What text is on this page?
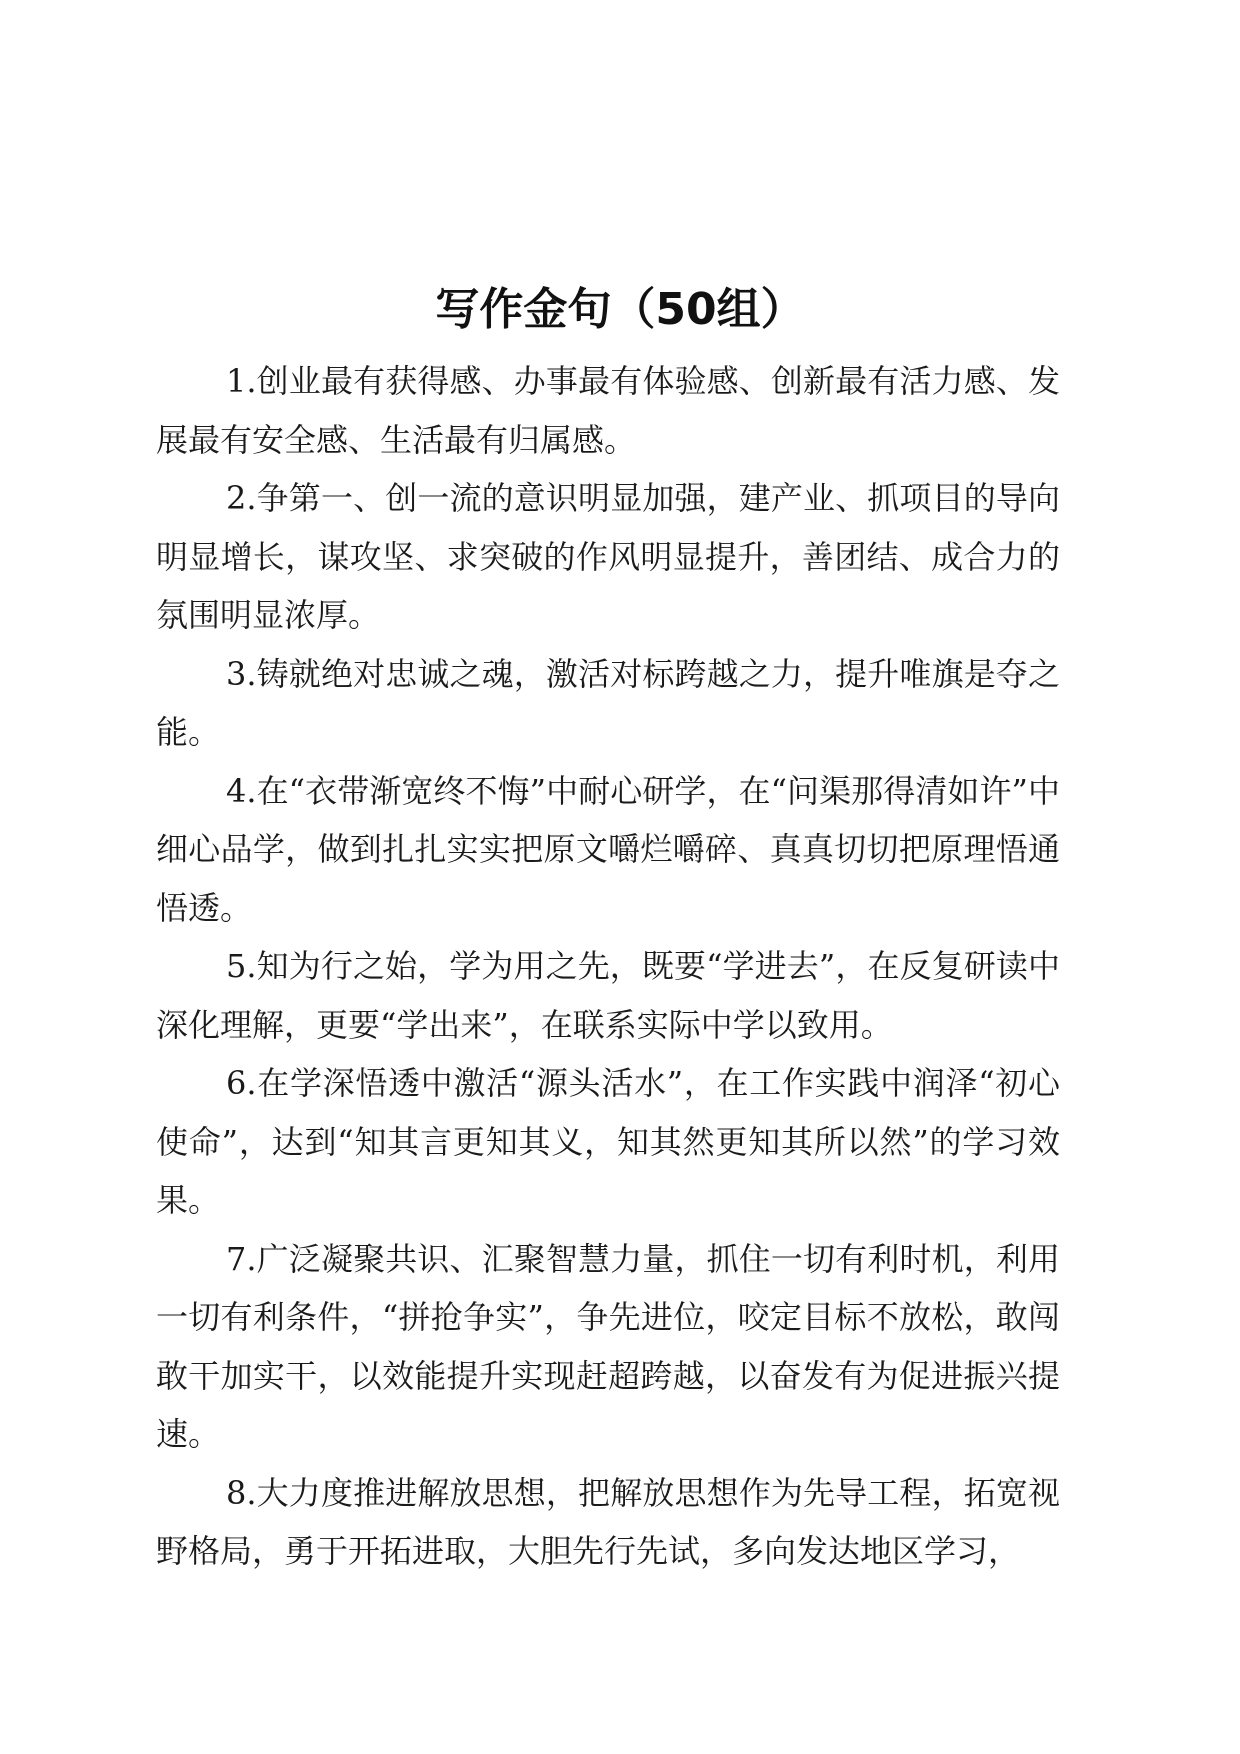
写作金句（50组）

1.创业最有获得感、办事最有体验感、创新最有活力感、发展最有安全感、生活最有归属感。

2.争第一、创一流的意识明显加强，建产业、抓项目的导向明显增长，谋攻坚、求突破的作风明显提升，善团结、成合力的氛围明显浓厚。

3.铸就绝对忠诚之魂，激活对标跨越之力，提升唯旗是夺之能。

4.在“衣带渐宽终不悔”中耐心研学，在“问渠那得清如许”中细心品学，做到扎扎实实把原文嚼烂嚼碎、真真切切把原理悟通悟透。

5.知为行之始，学为用之先，既要“学进去”，在反复研读中深化理解，更要“学出来”，在联系实际中学以致用。

6.在学深悟透中激活“源头活水”，在工作实践中润泽“初心使命”，达到“知其言更知其义，知其然更知其所以然”的学习效果。

7.广泛凝聚共识、汇聚智慧力量，抓住一切有利时机，利用一切有利条件，“拼抢争实”，争先进位，咬定目标不放松，敢闯敢干加实干，以效能提升实现赶超跨越，以奋发有为促进振兴提速。

8.大力度推进解放思想，把解放思想作为先导工程，拓宽视野格局，勇于开拓进取，大胆先行先试，多向发达地区学习，
